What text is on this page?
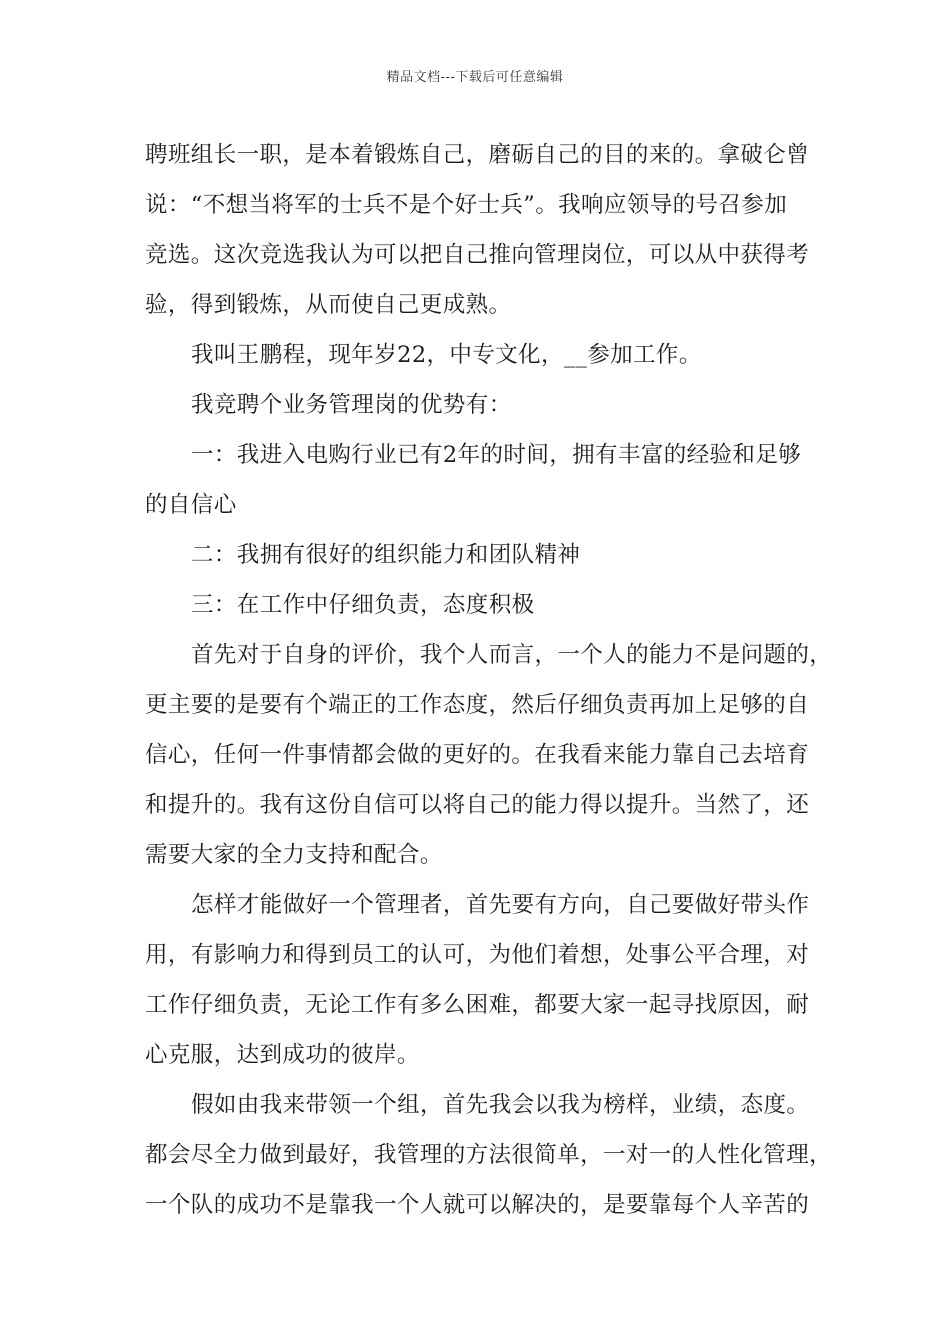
精品文档---下载后可任意编辑
聘班组长一职，是本着锻炼自己，磨砺自己的目的来的。拿破仑曾
说：“不想当将军的士兵不是个好士兵”。我响应领导的号召参加
竞选。这次竞选我认为可以把自己推向管理岗位，可以从中获得考
验，得到锻炼，从而使自己更成熟。
我叫王鹏程，现年岁22，中专文化，__参加工作。
我竞聘个业务管理岗的优势有：
一：我进入电购行业已有2年的时间，拥有丰富的经验和足够
的自信心
二：我拥有很好的组织能力和团队精神
三：在工作中仔细负责，态度积极
首先对于自身的评价，我个人而言，一个人的能力不是问题的，
更主要的是要有个端正的工作态度，然后仔细负责再加上足够的自
信心，任何一件事情都会做的更好的。在我看来能力靠自己去培育
和提升的。我有这份自信可以将自己的能力得以提升。当然了，还
需要大家的全力支持和配合。
怎样才能做好一个管理者，首先要有方向，自己要做好带头作
用，有影响力和得到员工的认可，为他们着想，处事公平合理，对
工作仔细负责，无论工作有多么困难，都要大家一起寻找原因，耐
心克服，达到成功的彼岸。
假如由我来带领一个组，首先我会以我为榜样，业绩，态度。
都会尽全力做到最好，我管理的方法很简单，一对一的人性化管理，
一个队的成功不是靠我一个人就可以解决的，是要靠每个人辛苦的
